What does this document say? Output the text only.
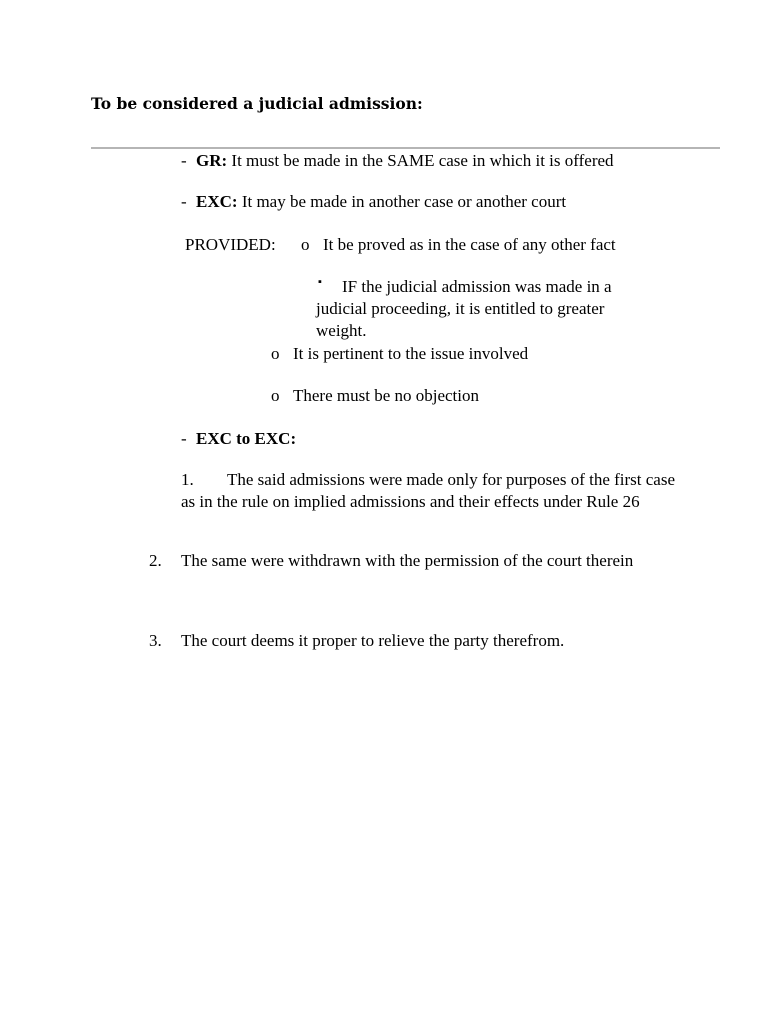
To be considered a judicial admission:
- GR: It must be made in the SAME case in which it is offered
- EXC: It may be made in another case or another court
PROVIDED: o It be proved as in the case of any other fact
▪	IF the judicial admission was made in a judicial proceeding, it is entitled to greater weight.
o It is pertinent to the issue involved
o There must be no objection
- EXC to EXC:
1. The said admissions were made only for purposes of the first case as in the rule on implied admissions and their effects under Rule 26
2. The same were withdrawn with the permission of the court therein
3. The court deems it proper to relieve the party therefrom.
